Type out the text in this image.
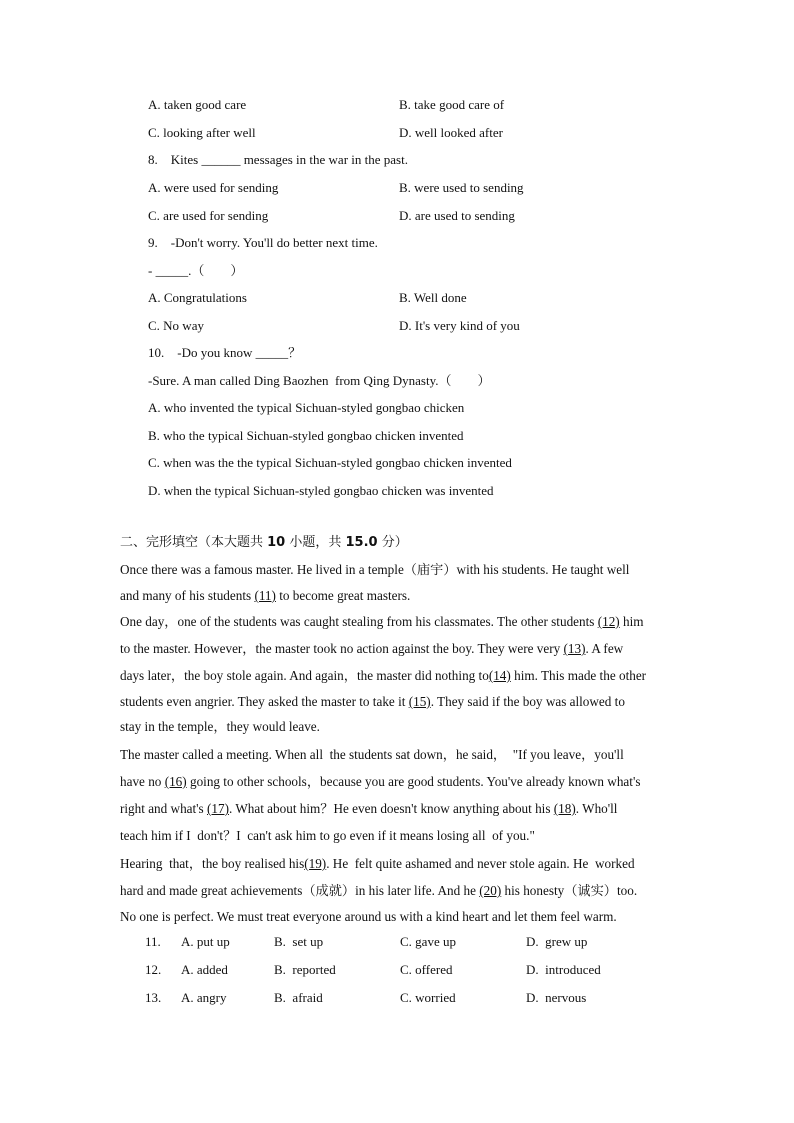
A. taken good care	B. take good care of
C. looking after well	D. well looked after
8.    Kites ______ messages in the war in the past.
A. were used for sending	B. were used to sending
C. are used for sending	D. are used to sending
9.    -Don't worry. You'll do better next time.
- _____.（        ）
A. Congratulations	B. Well done
C. No way	D. It's very kind of you
10.    -Do you know _____？
-Sure. A man called Ding Baozhen  from Qing Dynasty.（        ）
A. who invented the typical Sichuan-styled gongbao chicken
B. who the typical Sichuan-styled gongbao chicken invented
C. when was the the typical Sichuan-styled gongbao chicken invented
D. when the typical Sichuan-styled gongbao chicken was invented
二、完形填空（本大题共 10 小题，共 15.0 分）
Once there was a famous master. He lived in a temple（庙宇）with his students. He taught well
and many of his students (11) to become great masters.
One day，one of the students was caught stealing from his classmates. The other students (12) him
to the master. However，the master took no action against the boy. They were very (13). A few
days later，the boy stole again. And again，the master did nothing to(14) him. This made the other
students even angrier. They asked the master to take it (15). They said if the boy was allowed to
stay in the temple，they would leave.
The master called a meeting. When all  the students sat down，he said，  "If you leave，you'll
have no (16) going to other schools，because you are good students. You've already known what's
right and what's (17). What about him？He even doesn't know anything about his (18). Who'll
teach him if I  don't？I  can't ask him to go even if it means losing all  of you."
Hearing  that，the boy realised his(19). He  felt quite ashamed and never stole again. He  worked
hard and made great achievements（成就）in his later life. And he (20) his honesty（诚实）too.
No one is perfect. We must treat everyone around us with a kind heart and let them feel warm.
11. A. put up	B.  set up	C. gave up	D.  grew up
12. A. added	B.  reported	C. offered	D.  introduced
13. A. angry	B.  afraid	C. worried	D.  nervous
